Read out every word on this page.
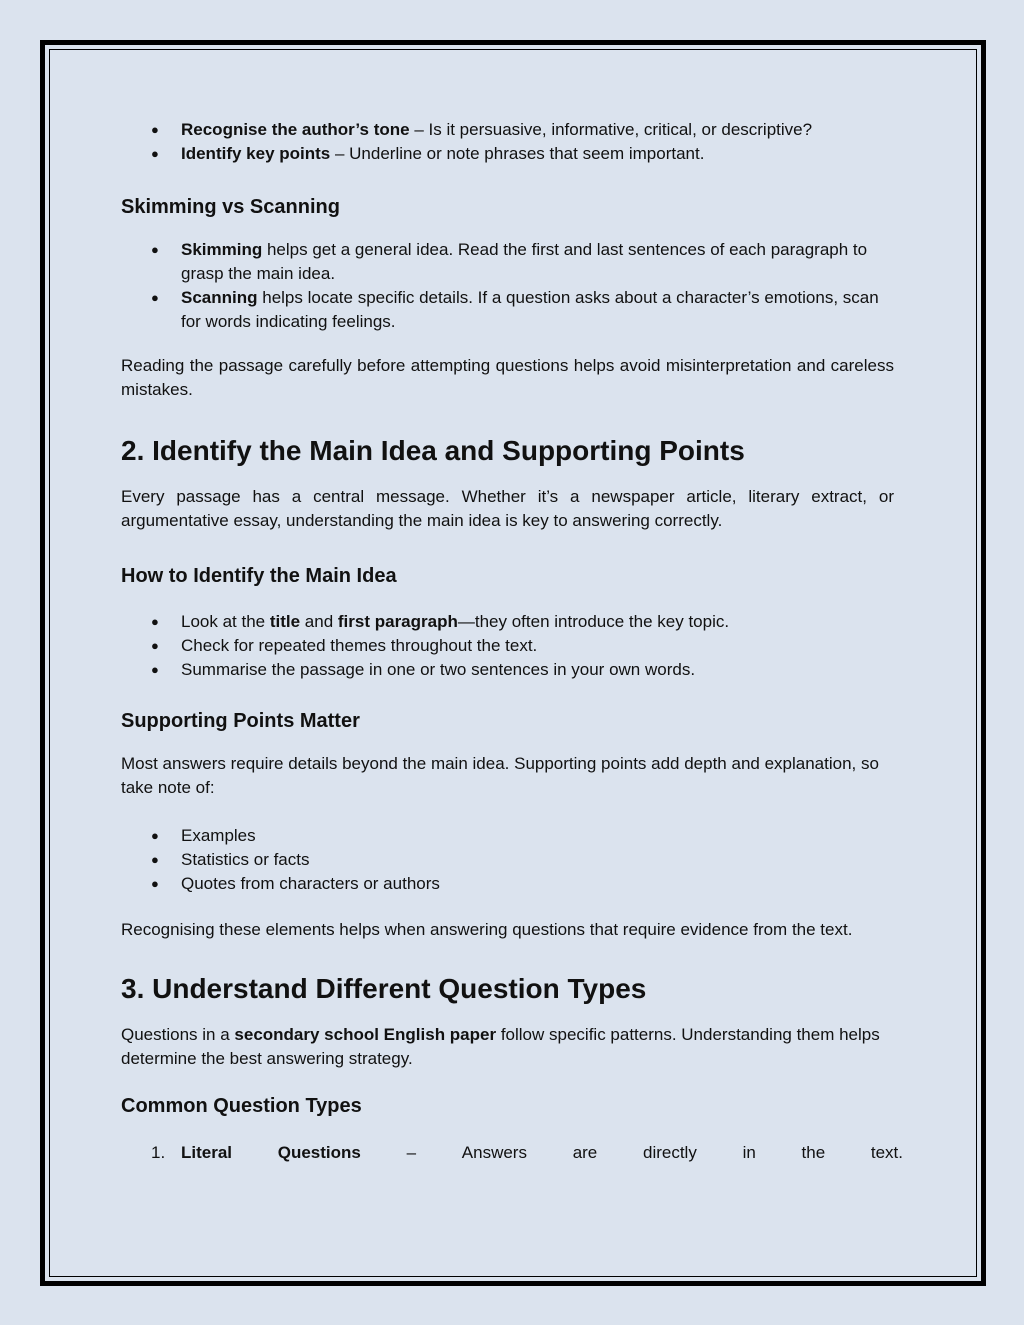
● Recognise the author’s tone – Is it persuasive, informative, critical, or descriptive?
● Identify key points – Underline or note phrases that seem important.
Skimming vs Scanning
● Skimming helps get a general idea. Read the first and last sentences of each paragraph to grasp the main idea.
● Scanning helps locate specific details. If a question asks about a character’s emotions, scan for words indicating feelings.

Reading the passage carefully before attempting questions helps avoid misinterpretation and careless mistakes.

2. Identify the Main Idea and Supporting Points

Every passage has a central message. Whether it’s a newspaper article, literary extract, or argumentative essay, understanding the main idea is key to answering correctly.

How to Identify the Main Idea
● Look at the title and first paragraph—they often introduce the key topic.
● Check for repeated themes throughout the text.
● Summarise the passage in one or two sentences in your own words.
Supporting Points Matter

Most answers require details beyond the main idea. Supporting points add depth and explanation, so take note of:

● Examples
● Statistics or facts
● Quotes from characters or authors

Recognising these elements helps when answering questions that require evidence from the text.

3. Understand Different Question Types

Questions in a secondary school English paper follow specific patterns. Understanding them helps determine the best answering strategy.

Common Question Types
1. Literal	Questions	–	Answers	are	directly	in	the	text.
